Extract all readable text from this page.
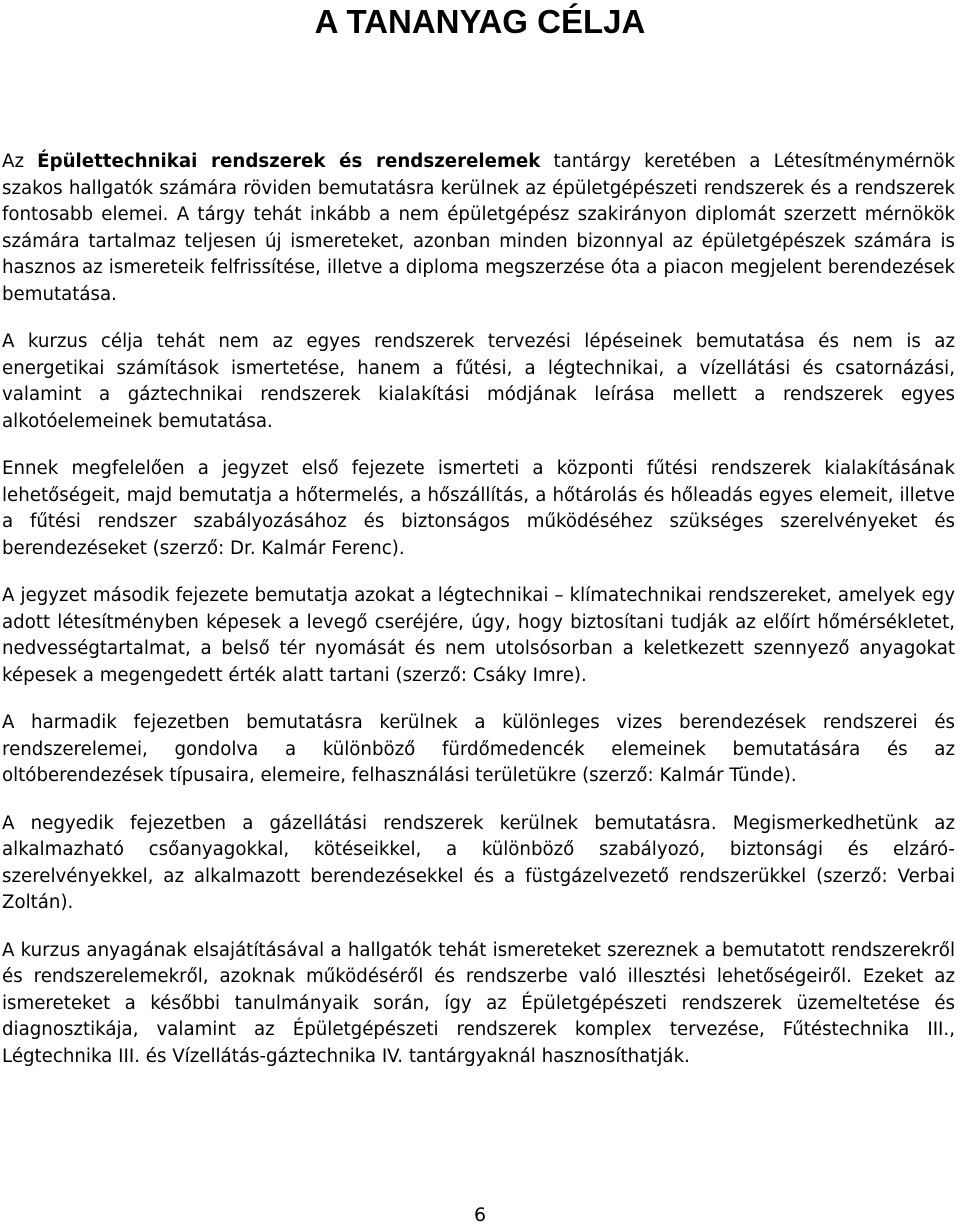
A TANANYAG CÉLJA

Az Épülettechnikai rendszerek és rendszerelemek tantárgy keretében a Létesítménymérnök szakos hallgatók számára röviden bemutatásra kerülnek az épületgépészeti rendszerek és a rendszerek fontosabb elemei. A tárgy tehát inkább a nem épületgépész szakirányon diplomát szerzett mérnökök számára tartalmaz teljesen új ismereteket, azonban minden bizonnyal az épületgépészek számára is hasznos az ismereteik felfrissítése, illetve a diploma megszerzése óta a piacon megjelent berendezések bemutatása.

A kurzus célja tehát nem az egyes rendszerek tervezési lépéseinek bemutatása és nem is az energetikai számítások ismertetése, hanem a fűtési, a légtechnikai, a vízellátási és csatornázási, valamint a gáztechnikai rendszerek kialakítási módjának leírása mellett a rendszerek egyes alkotóelemeinek bemutatása.

Ennek megfelelően a jegyzet első fejezete ismerteti a központi fűtési rendszerek kialakításának lehetőségeit, majd bemutatja a hőtermelés, a hőszállítás, a hőtárolás és hőleadás egyes elemeit, illetve a fűtési rendszer szabályozásához és biztonságos működéséhez szükséges szerelvényeket és berendezéseket (szerző: Dr. Kalmár Ferenc).

A jegyzet második fejezete bemutatja azokat a légtechnikai – klímatechnikai rendszereket, amelyek egy adott létesítményben képesek a levegő cseréjére, úgy, hogy biztosítani tudják az előírt hőmérsékletet, nedvességtartalmat, a belső tér nyomását és nem utolsósorban a keletkezett szennyező anyagokat képesek a megengedett érték alatt tartani (szerző: Csáky Imre).

A harmadik fejezetben bemutatásra kerülnek a különleges vizes berendezések rendszerei és rendszerelemei, gondolva a különböző fürdőmedencék elemeinek bemutatására és az oltóberendezések típusaira, elemeire, felhasználási területükre (szerző: Kalmár Tünde).

A negyedik fejezetben a gázellátási rendszerek kerülnek bemutatásra. Megismerkedhetünk az alkalmazható csőanyagokkal, kötéseikkel, a különböző szabályozó, biztonsági és elzáró-szerelvényekkel, az alkalmazott berendezésekkel és a füstgázelvezető rendszerükkel (szerző: Verbai Zoltán).

A kurzus anyagának elsajátításával a hallgatók tehát ismereteket szereznek a bemutatott rendszerekről és rendszerelemekről, azoknak működéséről és rendszerbe való illesztési lehetőségeiről. Ezeket az ismereteket a későbbi tanulmányaik során, így az Épületgépészeti rendszerek üzemeltetése és diagnosztikája, valamint az Épületgépészeti rendszerek komplex tervezése, Fűtéstechnika III., Légtechnika III. és Vízellátás-gáztechnika IV. tantárgyaknál hasznosíthatják.

6
